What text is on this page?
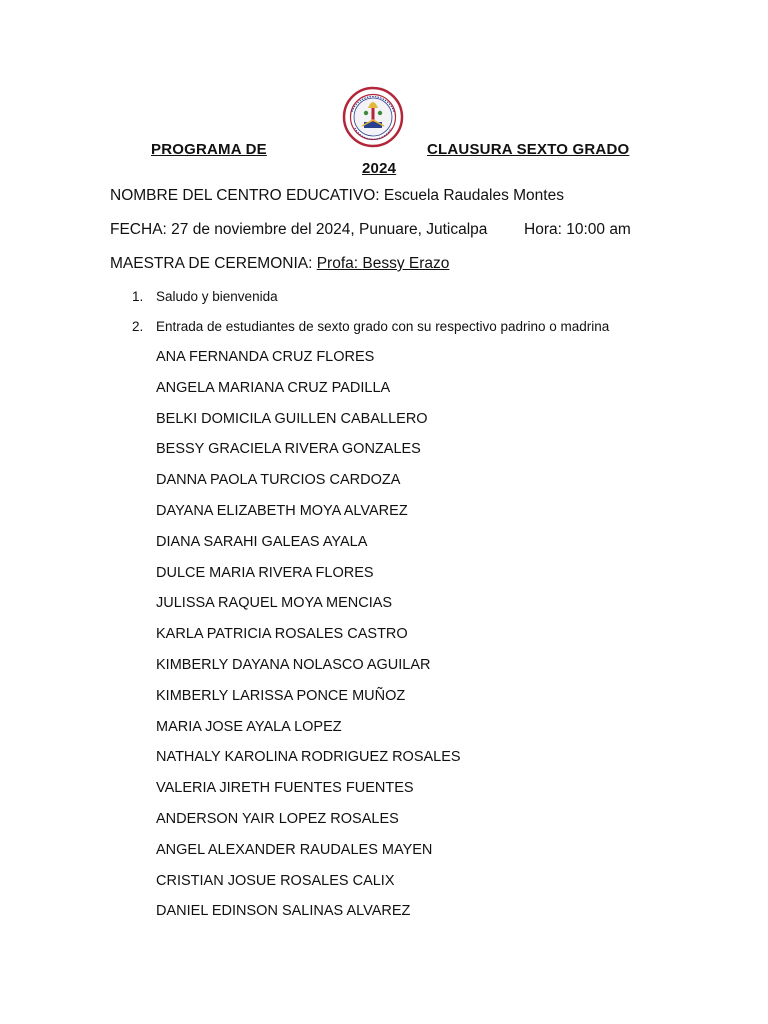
PROGRAMA DE	CLAUSURA SEXTO GRADO
2024
NOMBRE DEL CENTRO EDUCATIVO: Escuela Raudales Montes
FECHA: 27 de noviembre del 2024, Punuare, Juticalpa Hora: 10:00 am
MAESTRA DE CEREMONIA: Profa: Bessy Erazo
1. Saludo y bienvenida
2. Entrada de estudiantes de sexto grado con su respectivo padrino o madrina
ANA FERNANDA CRUZ FLORES
ANGELA MARIANA CRUZ PADILLA
BELKI DOMICILA GUILLEN CABALLERO
BESSY GRACIELA RIVERA GONZALES
DANNA PAOLA TURCIOS CARDOZA
DAYANA ELIZABETH MOYA ALVAREZ
DIANA SARAHI GALEAS AYALA
DULCE MARIA RIVERA FLORES
JULISSA RAQUEL MOYA MENCIAS
KARLA PATRICIA ROSALES CASTRO
KIMBERLY DAYANA NOLASCO AGUILAR
KIMBERLY LARISSA PONCE MUÑOZ
MARIA JOSE AYALA LOPEZ
NATHALY KAROLINA RODRIGUEZ ROSALES
VALERIA JIRETH FUENTES FUENTES
ANDERSON YAIR LOPEZ ROSALES
ANGEL ALEXANDER RAUDALES MAYEN
CRISTIAN JOSUE ROSALES CALIX
DANIEL EDINSON SALINAS ALVAREZ
